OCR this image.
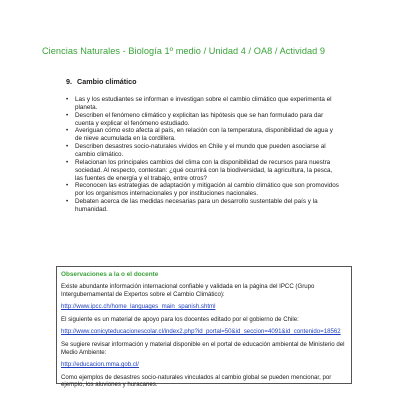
Ciencias Naturales - Biología 1º medio / Unidad 4 / OA8 / Actividad 9
9. Cambio climático
• Las y los estudiantes se informan e investigan sobre el cambio climático que experimenta el planeta.
• Describen el fenómeno climático y explicitan las hipótesis que se han formulado para dar cuenta y explicar el fenómeno estudiado.
• Averiguan cómo esto afecta al país, en relación con la temperatura, disponibilidad de agua y de nieve acumulada en la cordillera.
• Describen desastres socio-naturales vividos en Chile y el mundo que pueden asociarse al cambio climático.
• Relacionan los principales cambios del clima con la disponibilidad de recursos para nuestra sociedad. Al respecto, contestan: ¿qué ocurrirá con la biodiversidad, la agricultura, la pesca, las fuentes de energía y el trabajo, entre otros?
• Reconocen las estrategias de adaptación y mitigación al cambio climático que son promovidos por los organismos internacionales y por instituciones nacionales.
• Debaten acerca de las medidas necesarias para un desarrollo sustentable del país y la humanidad.
Observaciones a la o el docente

Existe abundante información internacional confiable y validada en la página del IPCC (Grupo Intergubernamental de Expertos sobre el Cambio Climático):

http://www.ipcc.ch/home_languages_main_spanish.shtml

El siguiente es un material de apoyo para los docentes editado por el gobierno de Chile:

http://www.conicyteducacionescolar.cl/index2.php?id_portal=50&id_seccion=4091&id_contenido=18562

Se sugiere revisar información y material disponible en el portal de educación ambiental de Ministerio del Medio Ambiente:

http://educacion.mma.gob.cl/

Como ejemplos de desastres socio-naturales vinculados al cambio global se pueden mencionar, por ejemplo, los aluviones y huracanes.
